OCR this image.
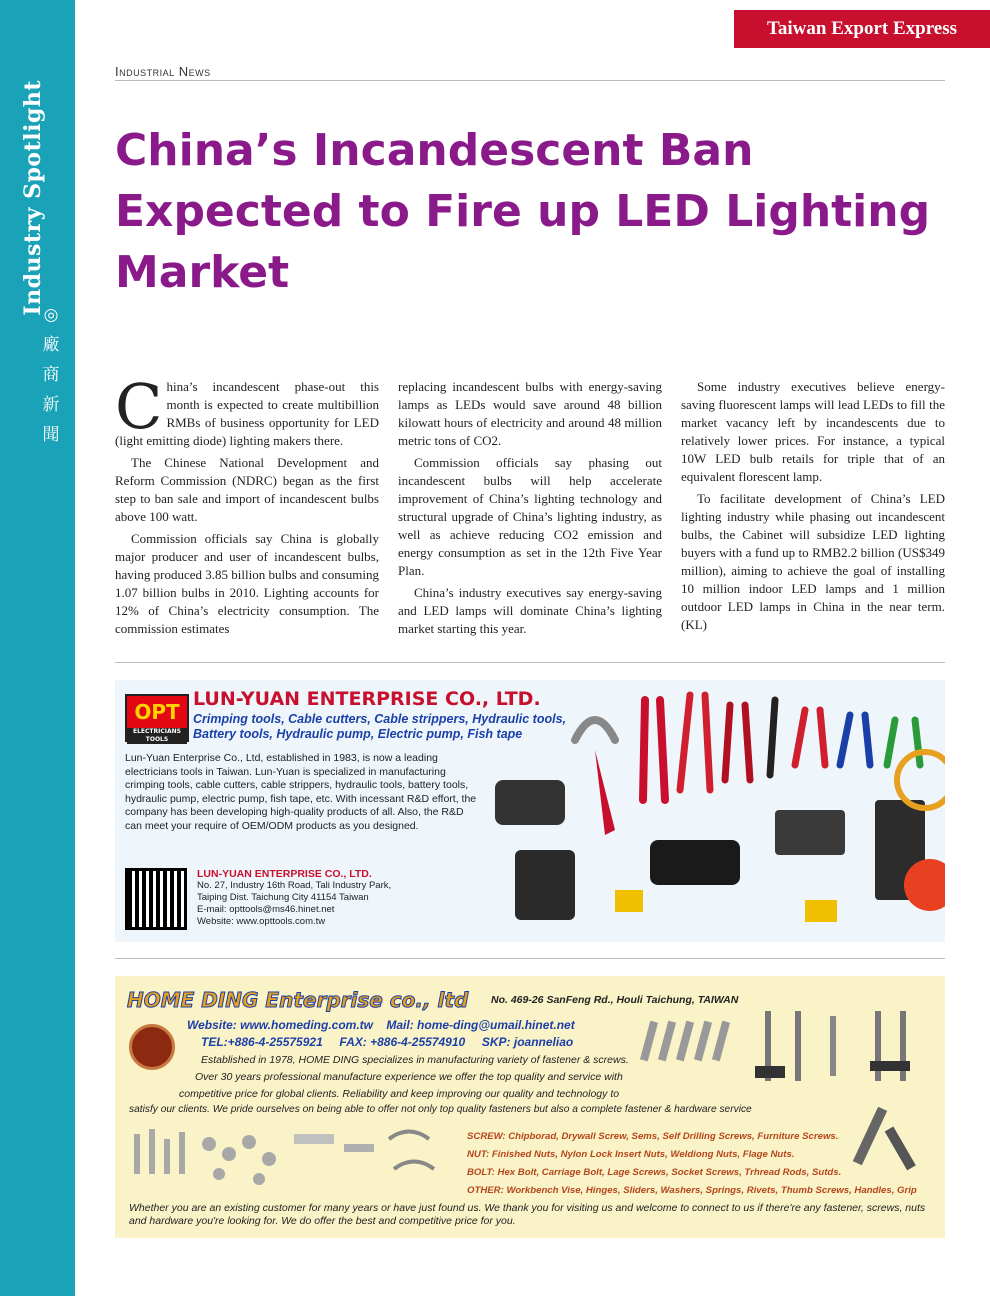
Industry Spotlight
◎
廠
商
新
聞
Taiwan Export Express
Industrial News
China’s Incandescent Ban Expected to Fire up LED Lighting Market

China’s incandescent phase-out this month is expected to create multibillion RMBs of business opportunity for LED (light emitting diode) lighting makers there.

The Chinese National Development and Reform Commission (NDRC) began as the first step to ban sale and import of incandescent bulbs above 100 watt.

Commission officials say China is globally major producer and user of incandescent bulbs, having produced 3.85 billion bulbs and consuming 1.07 billion bulbs in 2010. Lighting accounts for 12% of China’s electricity consumption. The commission estimates

replacing incandescent bulbs with energy-saving lamps as LEDs would save around 48 billion kilowatt hours of electricity and around 48 million metric tons of CO2.

Commission officials say phasing out incandescent bulbs will help accelerate improvement of China’s lighting technology and structural upgrade of China’s lighting industry, as well as achieve reducing CO2 emission and energy consumption as set in the 12th Five Year Plan.

China’s industry executives say energy-saving and LED lamps will dominate China’s lighting market starting this year.

Some industry executives believe energy-saving fluorescent lamps will lead LEDs to fill the market vacancy left by incandescents due to relatively lower prices. For instance, a typical 10W LED bulb retails for triple that of an equivalent florescent lamp.

To facilitate development of China’s LED lighting industry while phasing out incandescent bulbs, the Cabinet will subsidize LED lighting buyers with a fund up to RMB2.2 billion (US$349 million), aiming to achieve the goal of installing 10 million indoor LED lamps and 1 million outdoor LED lamps in China in the near term. (KL)

OPT
ELECTRICIANS TOOLS
LUN-YUAN ENTERPRISE CO., LTD.
Crimping tools, Cable cutters, Cable strippers, Hydraulic tools,
Battery tools, Hydraulic pump, Electric pump, Fish tape
Lun-Yuan Enterprise Co., Ltd, established in 1983, is now a leading electricians tools in Taiwan. Lun-Yuan is specialized in manufacturing crimping tools, cable cutters, cable strippers, hydraulic tools, battery tools, hydraulic pump, electric pump, fish tape, etc. With incessant R&D effort, the company has been developing high-quality products of all. Also, the R&D can meet your require of OEM/ODM products as you designed.
LUN-YUAN ENTERPRISE CO., LTD.
No. 27, Industry 16th Road, Tali Industry Park,
Taiping Dist. Taichung City 41154 Taiwan
E-mail: opttools@ms46.hinet.net
Website: www.opttools.com.tw
HOME DING Enterprise co., ltd No. 469-26 SanFeng Rd., Houli Taichung, TAIWAN
Website: www.homeding.com.tw Mail: home-ding@umail.hinet.net
TEL:+886-4-25575921 FAX: +886-4-25574910 SKP: joanneliao
Established in 1978, HOME DING specializes in manufacturing variety of fastener & screws.
Over 30 years professional manufacture experience we offer the top quality and service with
competitive price for global clients. Reliability and keep improving our quality and technology to
satisfy our clients. We pride ourselves on being able to offer not only top quality fasteners but also a complete fastener & hardware service
SCREW: Chipborad, Drywall Screw, Sems, Self Drilling Screws, Furniture Screws.
NUT: Finished Nuts, Nylon Lock Insert Nuts, Weldiong Nuts, Flage Nuts.
BOLT: Hex Bolt, Carriage Bolt, Lage Screws, Socket Screws, Trhread Rods, Sutds.
OTHER: Workbench Vise, Hinges, Sliders, Washers, Springs, Rivets, Thumb Screws, Handles, Grip
Whether you are an existing customer for many years or have just found us. We thank you for visiting us and welcome to connect to us if there're any fastener, screws, nuts and hardware you're looking for. We do offer the best and competitive price for you.
